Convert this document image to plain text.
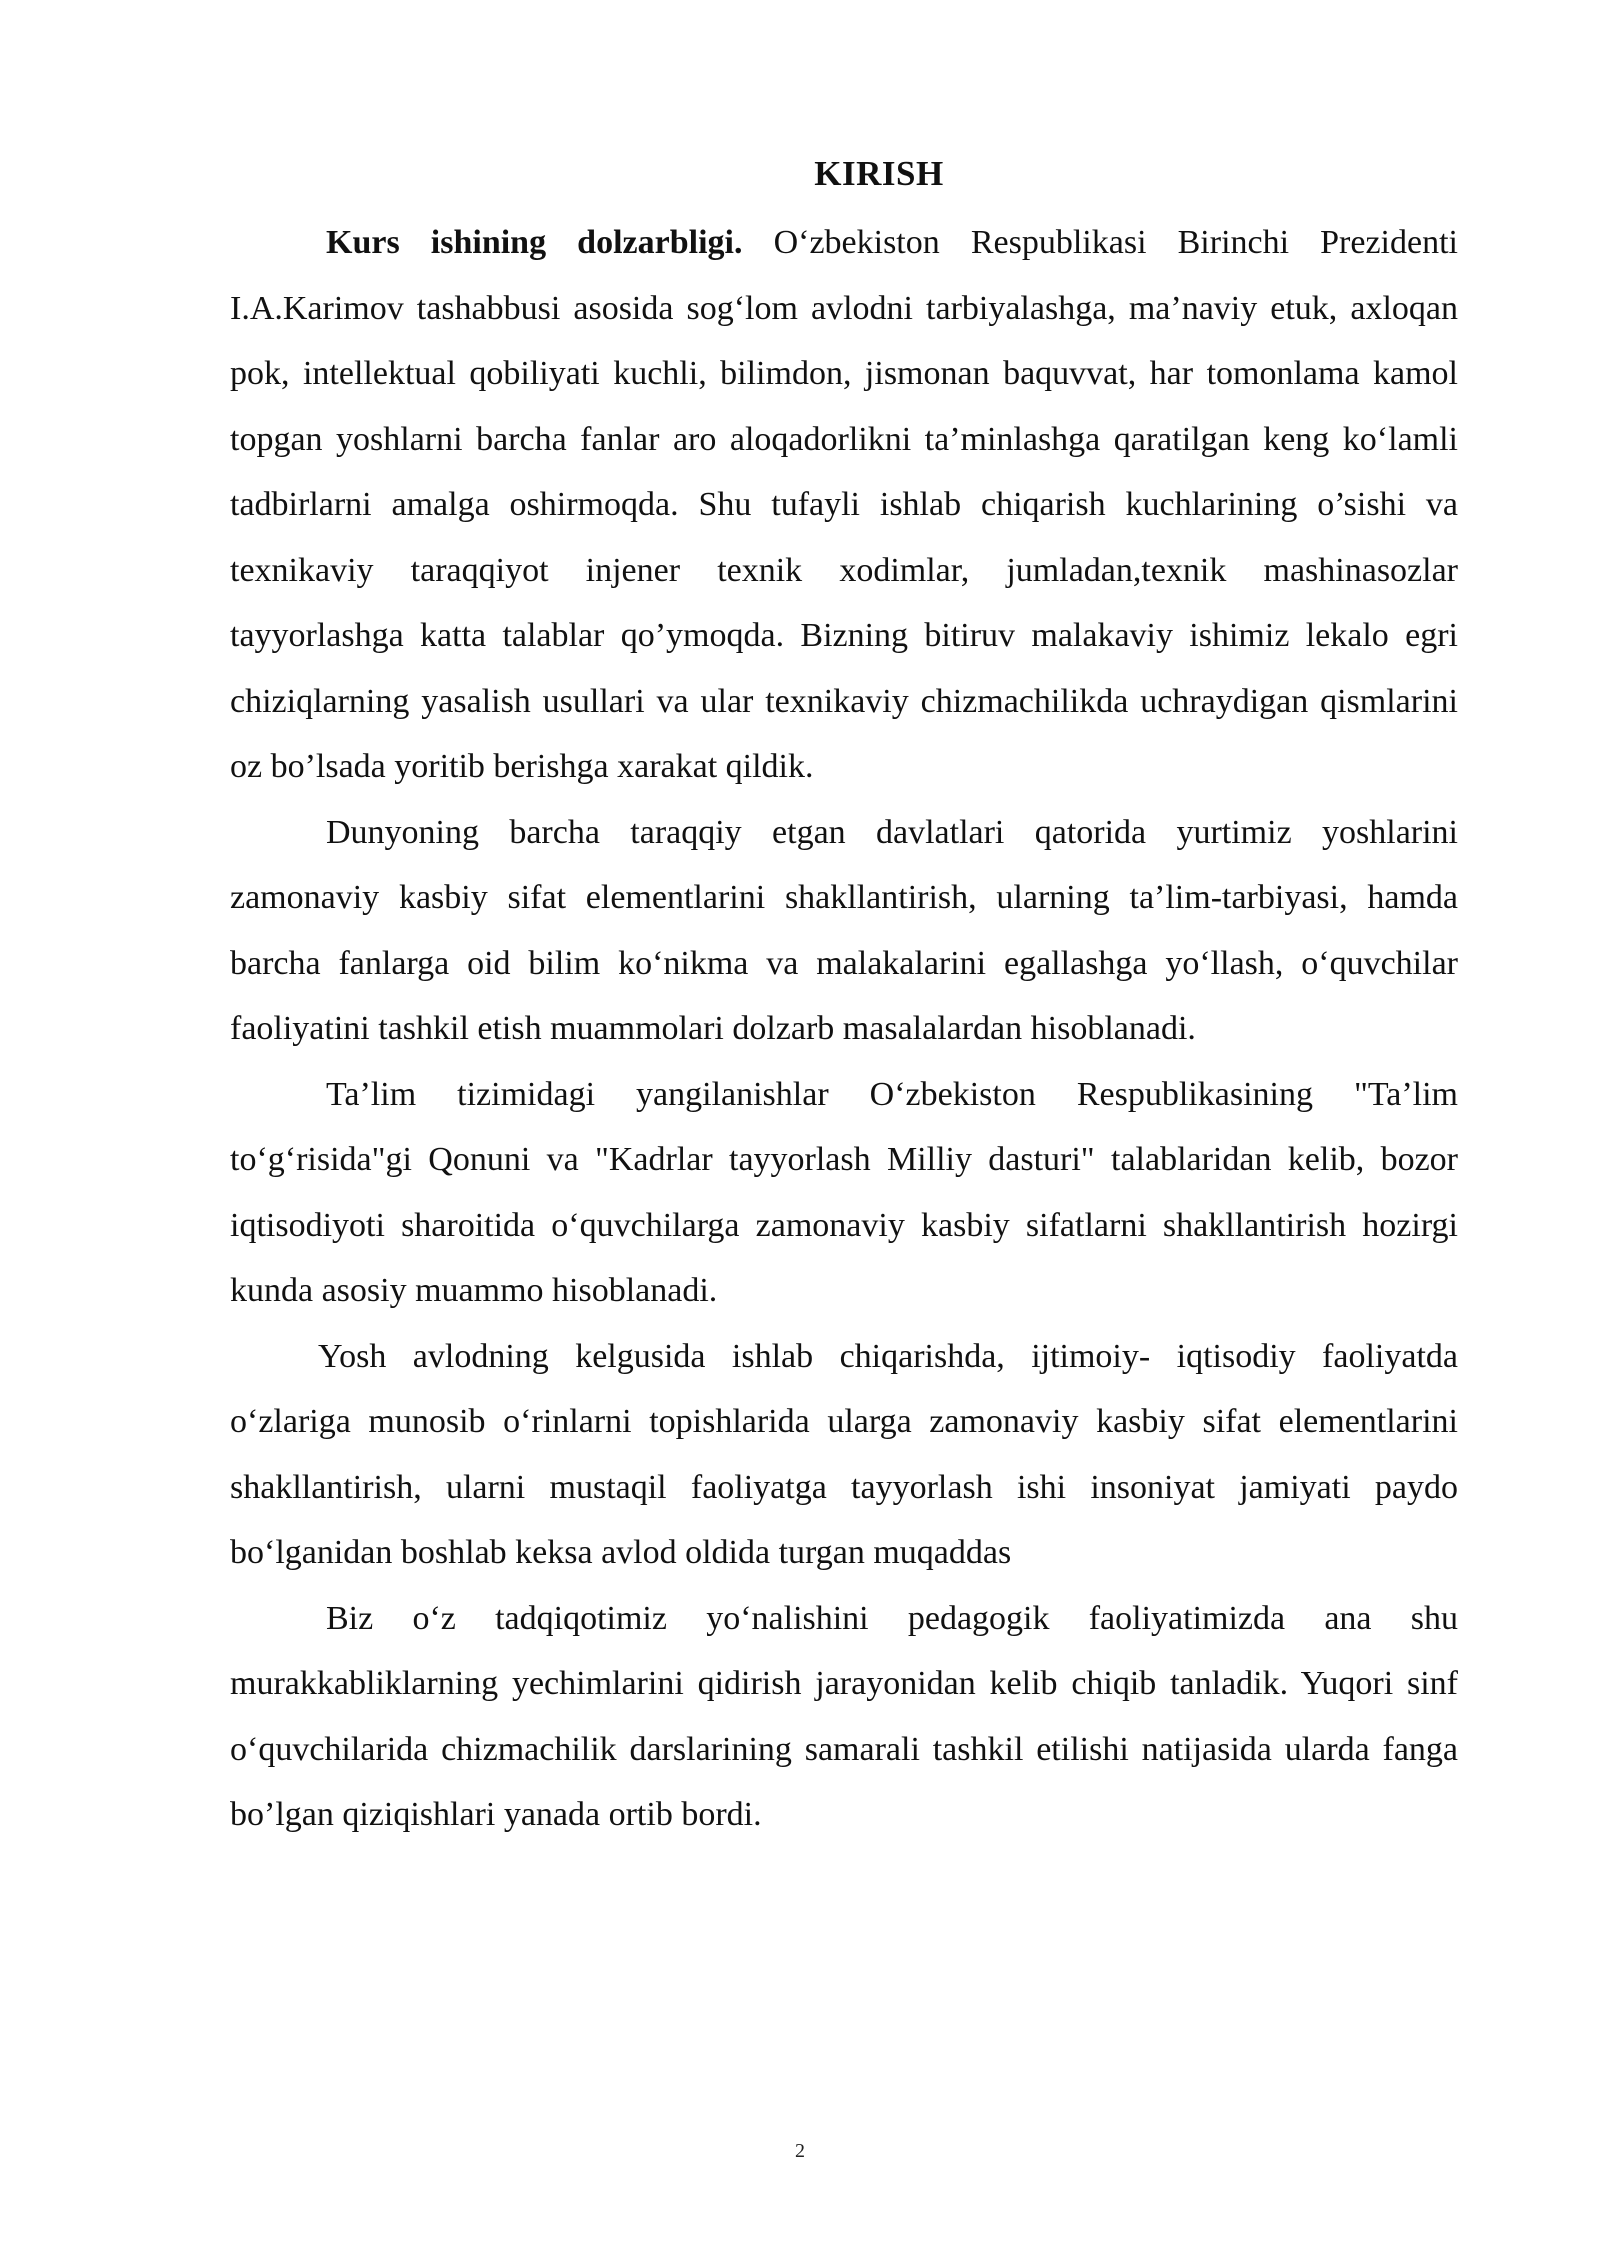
KIRISH

Kurs ishining dolzarbligi. O‘zbekiston Respublikasi Birinchi Prezidenti I.A.Karimov tashabbusi asosida sog‘lom avlodni tarbiyalashga, ma’naviy etuk, axloqan pok, intellektual qobiliyati kuchli, bilimdon, jismonan baquvvat, har tomonlama kamol topgan yoshlarni barcha fanlar aro aloqadorlikni ta’minlashga qaratilgan keng ko‘lamli tadbirlarni amalga oshirmoqda. Shu tufayli ishlab chiqarish kuchlarining o’sishi va texnikaviy taraqqiyot injener texnik xodimlar, jumladan,texnik mashinasozlar tayyorlashga katta talablar qo’ymoqda. Bizning bitiruv malakaviy ishimiz lekalo egri chiziqlarning yasalish usullari va ular texnikaviy chizmachilikda uchraydigan qismlarini oz bo’lsada yoritib berishga xarakat qildik.

Dunyoning barcha taraqqiy etgan davlatlari qatorida yurtimiz yoshlarini zamonaviy kasbiy sifat elementlarini shakllantirish, ularning ta’lim-tarbiyasi, hamda barcha fanlarga oid bilim ko‘nikma va malakalarini egallashga yo‘llash, o‘quvchilar faoliyatini tashkil etish muammolari dolzarb masalalardan hisoblanadi.

Ta’lim tizimidagi yangilanishlar O‘zbekiston Respublikasining "Ta’lim to‘g‘risida"gi Qonuni va "Kadrlar tayyorlash Milliy dasturi" talablaridan kelib, bozor iqtisodiyoti sharoitida o‘quvchilarga zamonaviy kasbiy sifatlarni shakllantirish hozirgi kunda asosiy muammo hisoblanadi.

Yosh avlodning kelgusida ishlab chiqarishda, ijtimoiy- iqtisodiy faoliyatda o‘zlariga munosib o‘rinlarni topishlarida ularga zamonaviy kasbiy sifat elementlarini shakllantirish, ularni mustaqil faoliyatga tayyorlash ishi insoniyat jamiyati paydo bo‘lganidan boshlab keksa avlod oldida turgan muqaddas

Biz o‘z tadqiqotimiz yo‘nalishini pedagogik faoliyatimizda ana shu murakkabliklarning yechimlarini qidirish jarayonidan kelib chiqib tanladik. Yuqori sinf o‘quvchilarida chizmachilik darslarining samarali tashkil etilishi natijasida ularda fanga bo’lgan qiziqishlari yanada ortib bordi.

2
